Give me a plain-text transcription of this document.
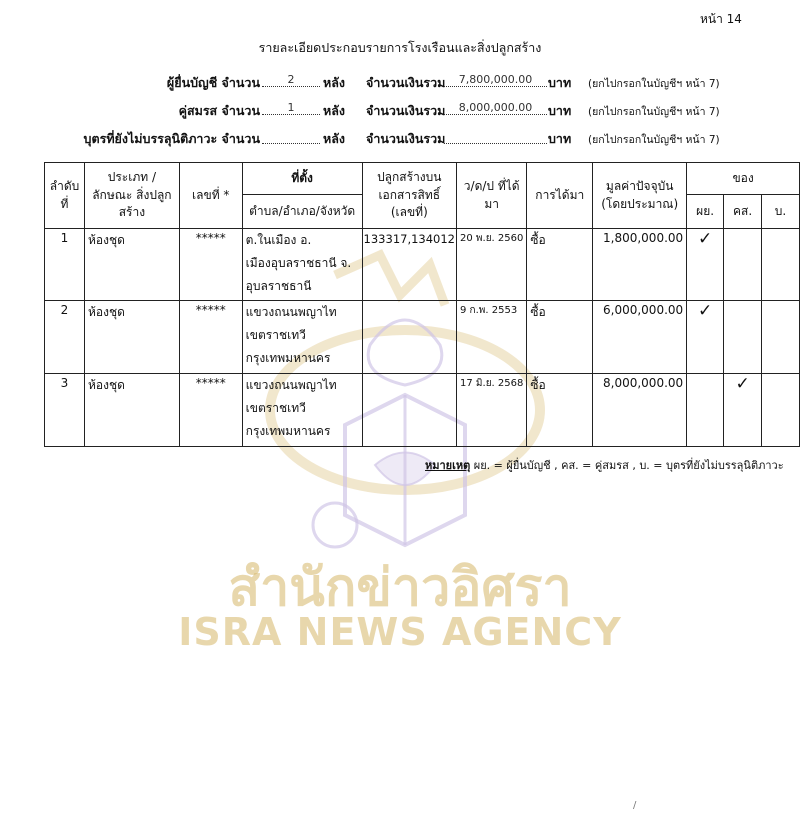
สำนักข่าวอิศรา
ISRA NEWS AGENCY
หน้า 14
รายละเอียดประกอบรายการโรงเรือนและสิ่งปลูกสร้าง
ผู้ยื่นบัญชี จำนวน	2	หลัง จำนวนเงินรวม	7,800,000.00	บาท (ยกไปกรอกในบัญชีฯ หน้า 7)
คู่สมรส จำนวน	1	หลัง จำนวนเงินรวม	8,000,000.00	บาท (ยกไปกรอกในบัญชีฯ หน้า 7)
บุตรที่ยังไม่บรรลุนิติภาวะ จำนวน	หลัง จำนวนเงินรวม	บาท (ยกไปกรอกในบัญชีฯ หน้า 7)
ลำดับ ที่	ประเภท / ลักษณะ สิ่งปลูกสร้าง	เลขที่ *	ที่ตั้ง	ปลูกสร้างบน เอกสารสิทธิ์ (เลขที่)	ว/ด/ป ที่ได้มา	การได้มา	มูลค่าปัจจุบัน (โดยประมาณ)	ของ		
			ตำบล/อำเภอ/จังหวัด					ผย.	คส.	บ.
1	ห้องชุด	*****	ต.ในเมือง อ.
เมืองอุบลราชธานี จ.
อุบลราชธานี	133317,134012	20 พ.ย. 2560	ซื้อ	1,800,000.00	✓		

2	ห้องชุด	*****	แขวงถนนพญาไท
เขตราชเทวี
กรุงเทพมหานคร		9 ก.พ. 2553	ซื้อ	6,000,000.00	✓		

3	ห้องชุด	*****	แขวงถนนพญาไท
เขตราชเทวี
กรุงเทพมหานคร		17 มิ.ย. 2568	ซื้อ	8,000,000.00		✓	

หมายเหตุ ผย. = ผู้ยื่นบัญชี , คส. = คู่สมรส , บ. = บุตรที่ยังไม่บรรลุนิติภาวะ
/
